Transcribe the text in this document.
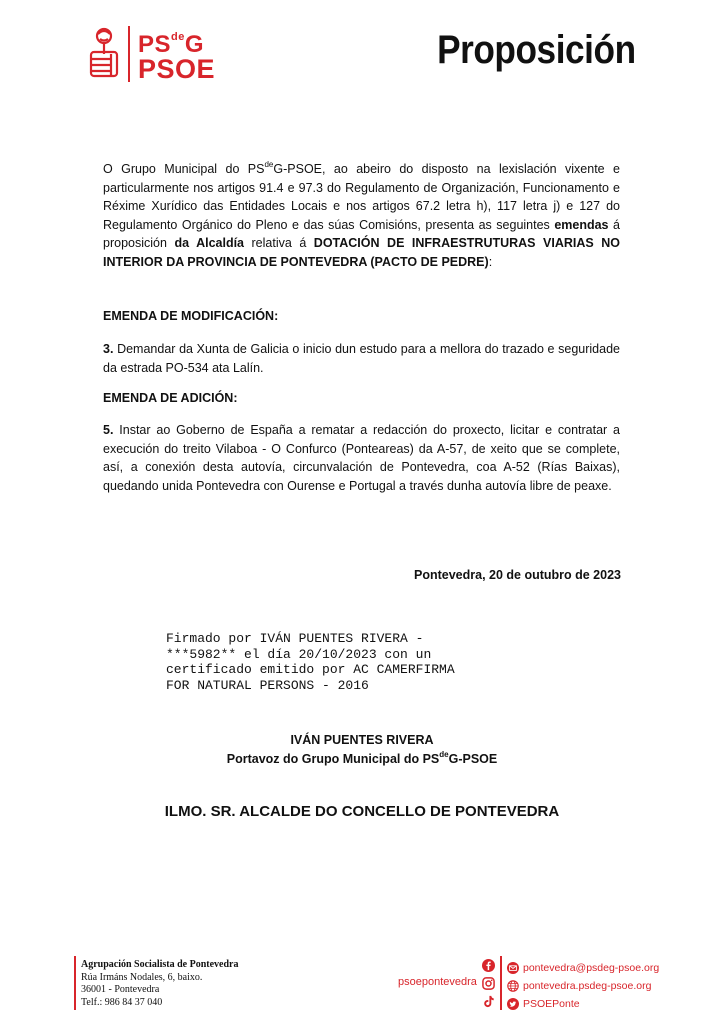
$PS^{de}G$
PSOE	Proposición
O Grupo Municipal do $PS^{de}G$-PSOE, ao abeiro do disposto na lexislación vixente e particularmente nos artigos 91.4 e 97.3 do Regulamento de Organización, Funcionamento e Réxime Xurídico das Entidades Locais e nos artigos 67.2 letra h), 117 letra j) e 127 do Regulamento Orgánico do Pleno e das súas Comisións, presenta as seguintes emendas á proposición da Alcaldía relativa á DOTACIÓN DE INFRAESTRUTURAS VIARIAS NO INTERIOR DA PROVINCIA DE PONTEVEDRA (PACTO DE PEDRE):
EMENDA DE MODIFICACIÓN:
3. Demandar da Xunta de Galicia o inicio dun estudo para a mellora do trazado e seguridade da estrada PO-534 ata Lalín.
EMENDA DE ADICIÓN:
5. Instar ao Goberno de España a rematar a redacción do proxecto, licitar e contratar a execución do treito Vilaboa - O Confurco (Ponteareas) da A-57, de xeito que se complete, así, a conexión desta autovía, circunvalación de Pontevedra, coa A-52 (Rías Baixas), quedando unida Pontevedra con Ourense e Portugal a través dunha autovía libre de peaxe.
Pontevedra, 20 de outubro de 2023
Firmado por IVÁN PUENTES RIVERA -
***5982** el día 20/10/2023 con un
certificado emitido por AC CAMERFIRMA
FOR NATURAL PERSONS - 2016
IVÁN PUENTES RIVERA
Portavoz do Grupo Municipal do $PS^{de}G$-PSOE
ILMO. SR. ALCALDE DO CONCELLO DE PONTEVEDRA
Agrupación Socialista de Pontevedra
Rúa Irmáns Nodales, 6, baixo.
36001 - Pontevedra
Telf.: 986 84 37 040
psoepontevedra
pontevedra@psdeg-psoe.org
pontevedra.psdeg-psoe.org
PSOEPonte
